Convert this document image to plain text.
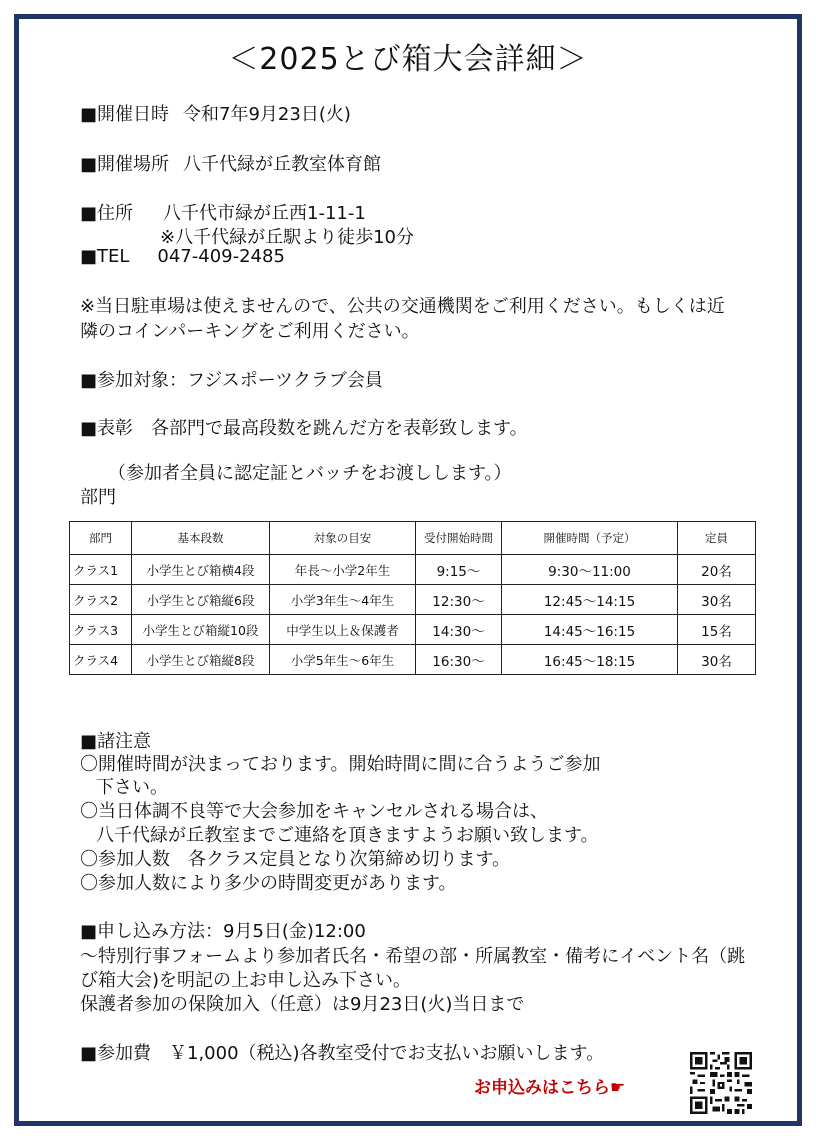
＜2025とび箱大会詳細＞
■開催日時 令和7年9月23日(火)
■開催場所 八千代緑が丘教室体育館
■住所 八千代市緑が丘西1-11-1
※八千代緑が丘駅より徒歩10分
■TEL 047-409-2485
※当日駐車場は使えませんので、公共の交通機関をご利用ください。もしくは近
隣のコインパーキングをご利用ください。
■参加対象：フジスポーツクラブ会員
■表彰　各部門で最高段数を跳んだ方を表彰致します。
（参加者全員に認定証とバッチをお渡しします。）
部門
部門	基本段数	対象の目安	受付開始時間	開催時間（予定）	定員
クラス1	小学生とび箱横4段	年長～小学2年生	9:15～	9:30～11:00	20名
クラス2	小学生とび箱縦6段	小学3年生～4年生	12:30～	12:45～14:15	30名
クラス3	小学生とび箱縦10段	中学生以上＆保護者	14:30～	14:45～16:15	15名
クラス4	小学生とび箱縦8段	小学5年生～6年生	16:30～	16:45～18:15	30名
■諸注意
〇開催時間が決まっております。開始時間に間に合うようご参加
下さい。
〇当日体調不良等で大会参加をキャンセルされる場合は、
八千代緑が丘教室までご連絡を頂きますようお願い致します。
〇参加人数　各クラス定員となり次第締め切ります。
〇参加人数により多少の時間変更があります。
■申し込み方法：9月5日(金)12:00
～特別行事フォームより参加者氏名・希望の部・所属教室・備考にイベント名（跳
び箱大会)を明記の上お申し込み下さい。
保護者参加の保険加入（任意）は9月23日(火)当日まで
■参加費　￥1,000（税込)各教室受付でお支払いお願いします。
お申込みはこちら☛
